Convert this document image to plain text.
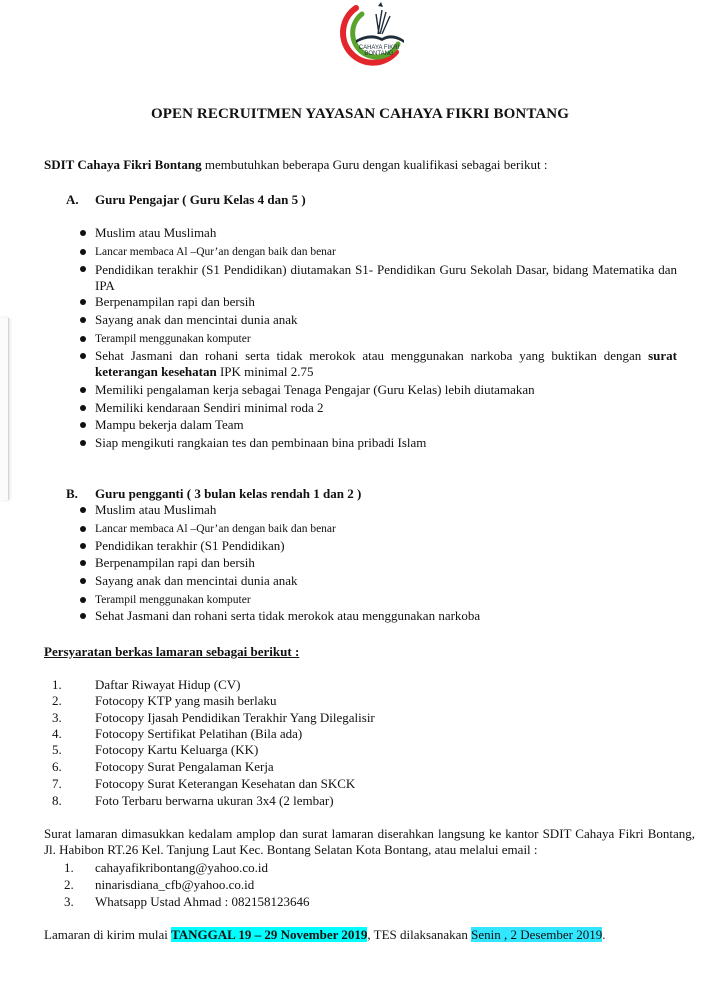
CAHAYA FIKRI BONTANG
OPEN RECRUITMEN YAYASAN CAHAYA FIKRI BONTANG
SDIT Cahaya Fikri Bontang membutuhkan beberapa Guru dengan kualifikasi sebagai berikut :
A. Guru Pengajar ( Guru Kelas 4 dan 5 )
Muslim atau Muslimah
Lancar membaca Al –Qur’an dengan baik dan benar
Pendidikan terakhir (S1 Pendidikan) diutamakan S1- Pendidikan Guru Sekolah Dasar, bidang Matematika dan IPA
Berpenampilan rapi dan bersih
Sayang anak dan mencintai dunia anak
Terampil menggunakan komputer
Sehat Jasmani dan rohani serta tidak merokok atau menggunakan narkoba yang buktikan dengan surat keterangan kesehatan IPK minimal 2.75
Memiliki pengalaman kerja sebagai Tenaga Pengajar (Guru Kelas) lebih diutamakan
Memiliki kendaraan Sendiri minimal roda 2
Mampu bekerja dalam Team
Siap mengikuti rangkaian tes dan pembinaan bina pribadi Islam
B. Guru pengganti ( 3 bulan kelas rendah 1 dan 2 )
Muslim atau Muslimah
Lancar membaca Al –Qur’an dengan baik dan benar
Pendidikan terakhir (S1 Pendidikan)
Berpenampilan rapi dan bersih
Sayang anak dan mencintai dunia anak
Terampil menggunakan komputer
Sehat Jasmani dan rohani serta tidak merokok atau menggunakan narkoba
Persyaratan berkas lamaran sebagai berikut :
1.	Daftar Riwayat Hidup (CV)
2.	Fotocopy KTP yang masih berlaku
3.	Fotocopy Ijasah Pendidikan Terakhir Yang Dilegalisir
4.	Fotocopy Sertifikat Pelatihan (Bila ada)
5.	Fotocopy Kartu Keluarga (KK)
6.	Fotocopy Surat Pengalaman Kerja
7.	Fotocopy Surat Keterangan Kesehatan dan SKCK
8.	Foto Terbaru berwarna ukuran 3x4 (2 lembar)
Surat lamaran dimasukkan kedalam amplop dan surat lamaran diserahkan langsung ke kantor SDIT Cahaya Fikri Bontang, Jl. Habibon RT.26 Kel. Tanjung Laut Kec. Bontang Selatan Kota Bontang, atau melalui email :
1.	cahayafikribontang@yahoo.co.id
2.	ninarisdiana_cfb@yahoo.co.id
3.	Whatsapp Ustad Ahmad : 082158123646
Lamaran di kirim mulai TANGGAL 19 – 29 November 2019, TES dilaksanakan Senin , 2 Desember 2019.
